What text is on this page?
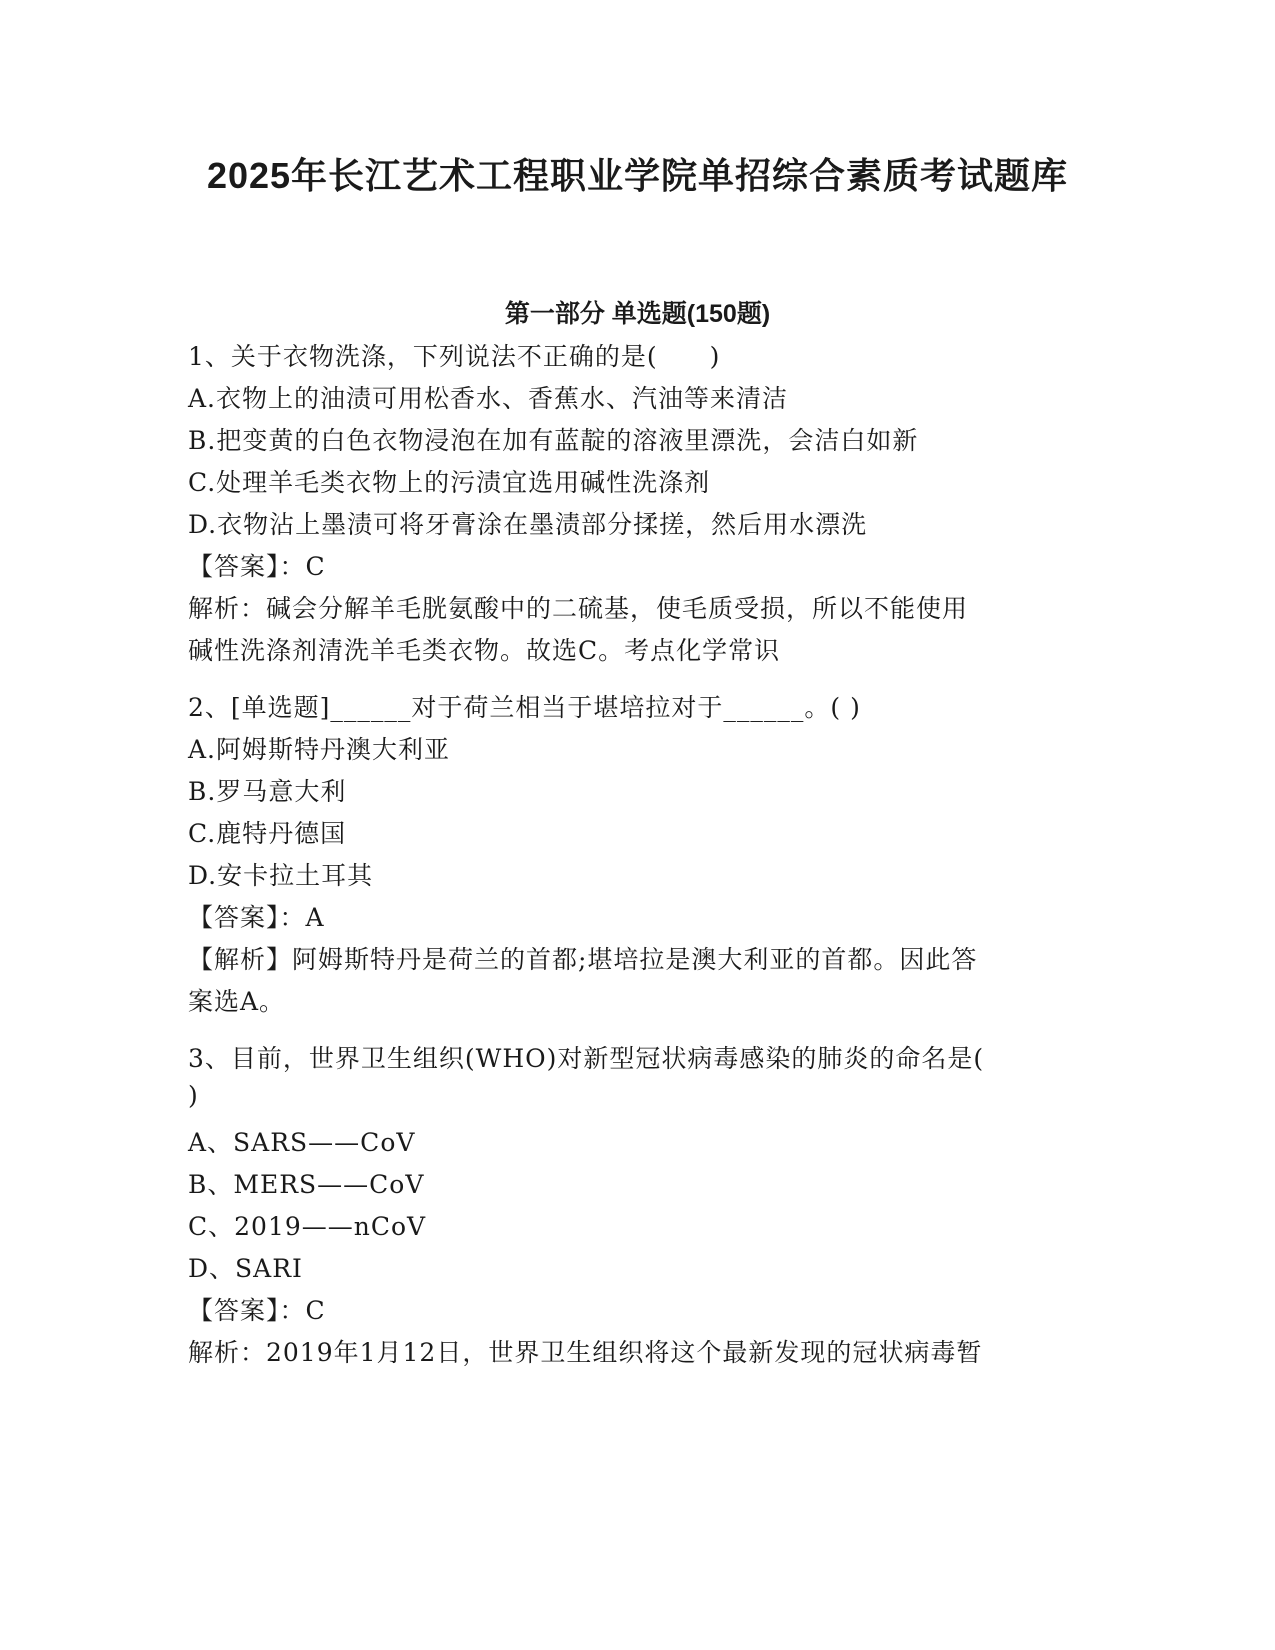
2025年长江艺术工程职业学院单招综合素质考试题库
第一部分 单选题(150题)
1、关于衣物洗涤，下列说法不正确的是(　　)
A.衣物上的油渍可用松香水、香蕉水、汽油等来清洁
B.把变黄的白色衣物浸泡在加有蓝靛的溶液里漂洗，会洁白如新
C.处理羊毛类衣物上的污渍宜选用碱性洗涤剂
D.衣物沾上墨渍可将牙膏涂在墨渍部分揉搓，然后用水漂洗
【答案】：C
解析：碱会分解羊毛胱氨酸中的二硫基，使毛质受损，所以不能使用
碱性洗涤剂清洗羊毛类衣物。故选C。考点化学常识
2、[单选题]______对于荷兰相当于堪培拉对于______。( )
A.阿姆斯特丹澳大利亚
B.罗马意大利
C.鹿特丹德国
D.安卡拉土耳其
【答案】：A
【解析】阿姆斯特丹是荷兰的首都;堪培拉是澳大利亚的首都。因此答
案选A。
3、目前，世界卫生组织(WHO)对新型冠状病毒感染的肺炎的命名是(
)
A、SARS——CoV
B、MERS——CoV
C、2019——nCoV
D、SARI
【答案】：C
解析：2019年1月12日，世界卫生组织将这个最新发现的冠状病毒暂
